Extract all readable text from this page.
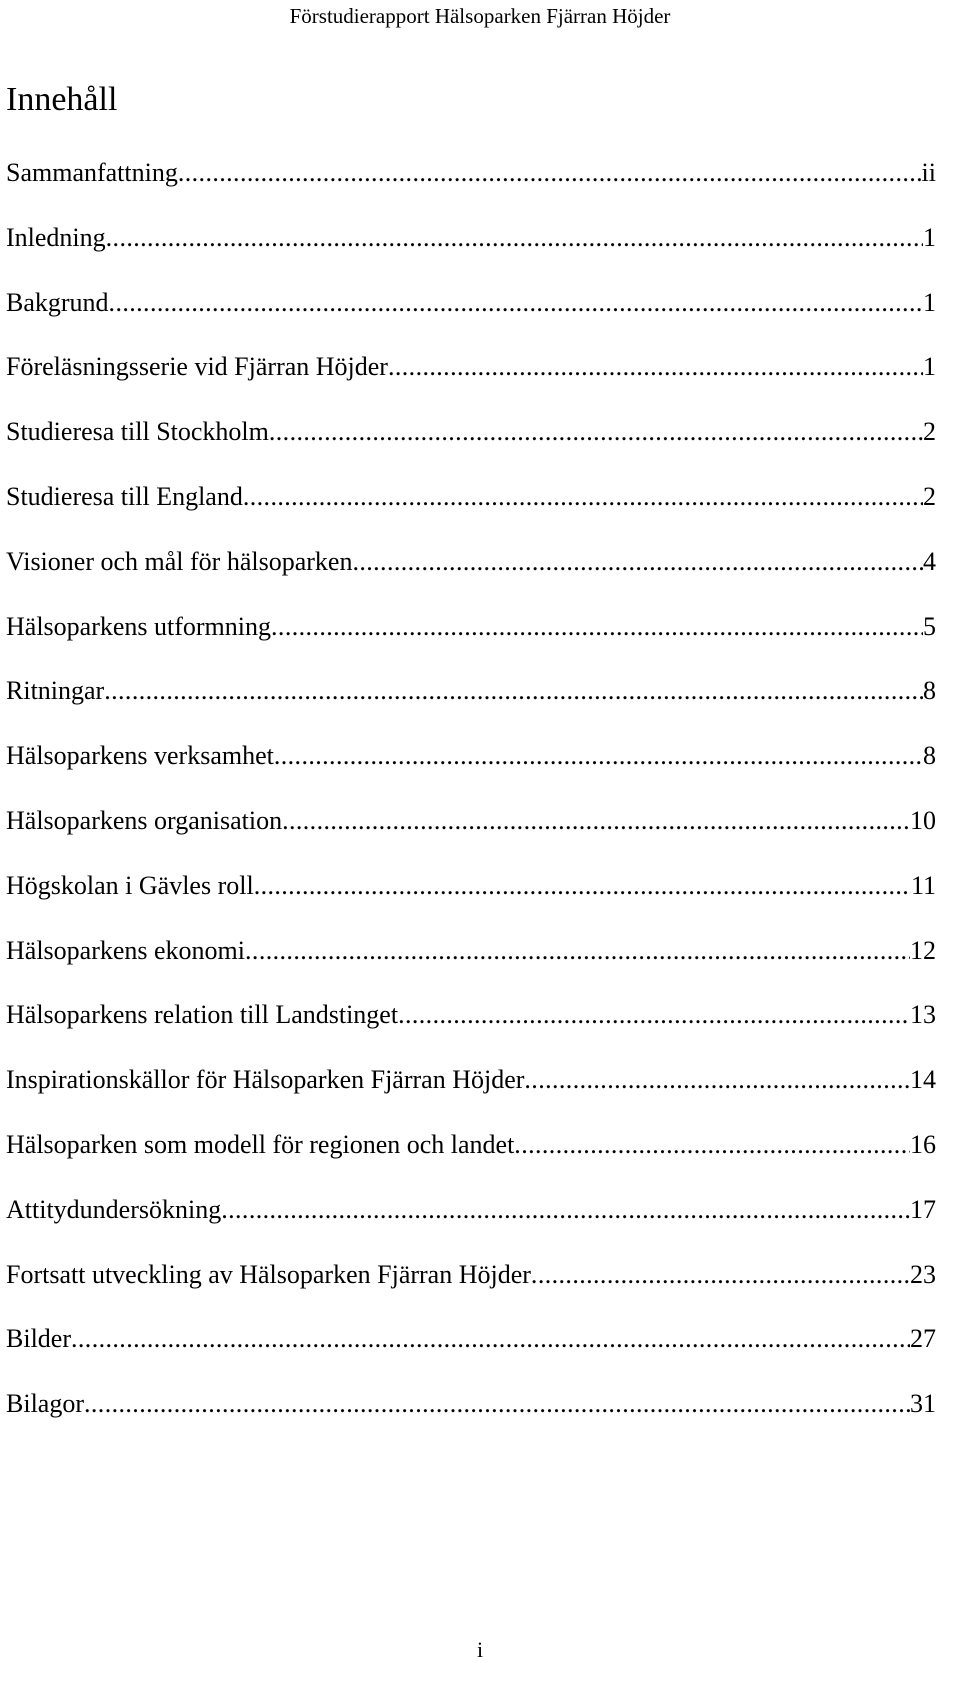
Förstudierapport Hälsoparken Fjärran Höjder
Innehåll
Sammanfattning .....	ii
Inledning .....	1
Bakgrund .....	1
Föreläsningsserie vid Fjärran Höjder .....	1
Studieresa till Stockholm .....	2
Studieresa till England .....	2
Visioner och mål för hälsoparken .....	4
Hälsoparkens utformning .....	5
Ritningar .....	8
Hälsoparkens verksamhet .....	8
Hälsoparkens organisation .....	10
Högskolan i Gävles roll .....	11
Hälsoparkens ekonomi .....	12
Hälsoparkens relation till Landstinget .....	13
Inspirationskällor för Hälsoparken Fjärran Höjder .....	14
Hälsoparken som modell för regionen och landet .....	16
Attitydundersökning .....	17
Fortsatt utveckling av Hälsoparken Fjärran Höjder .....	23
Bilder .....	27
Bilagor .....	31
i
